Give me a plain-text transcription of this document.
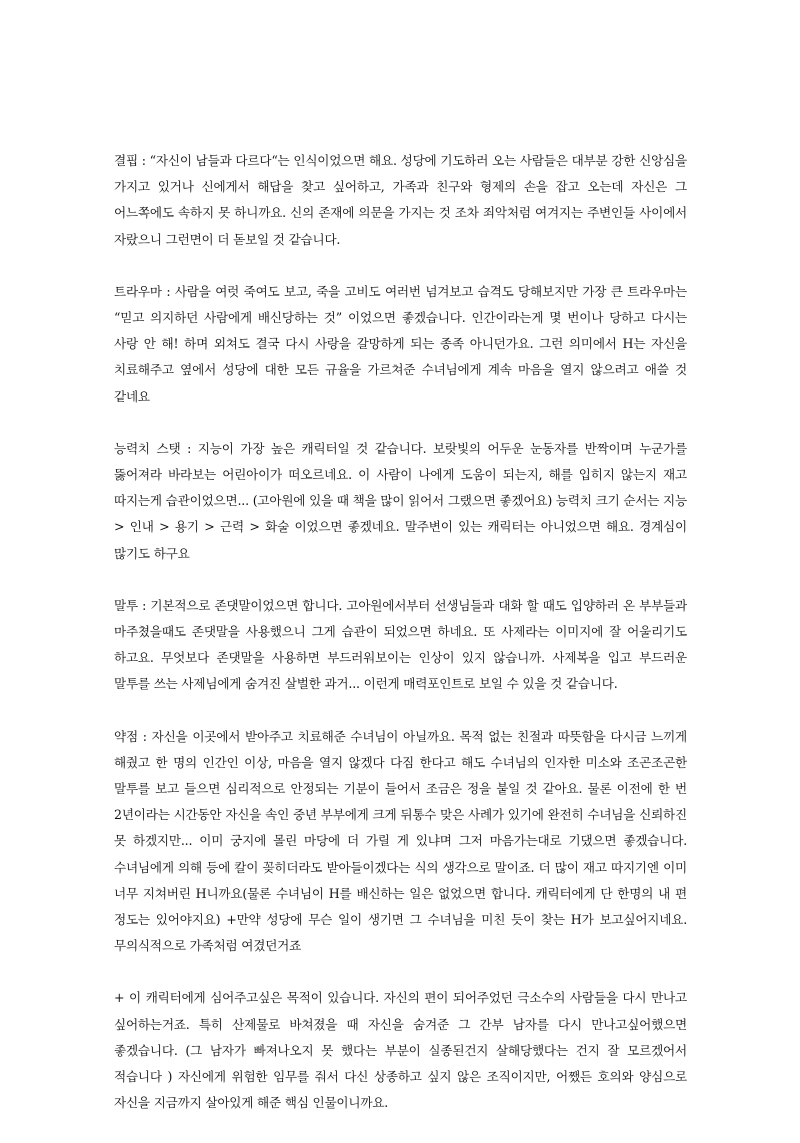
결핍 : “자신이 남들과 다르다“는 인식이었으면 해요. 성당에 기도하러 오는 사람들은 대부분 강한 신앙심을 가지고 있거나 신에게서 해답을 찾고 싶어하고, 가족과 친구와 형제의 손을 잡고 오는데 자신은 그 어느쪽에도 속하지 못 하니까요. 신의 존재에 의문을 가지는 것 조차 죄악처럼 여겨지는 주변인들 사이에서 자랐으니 그런면이 더 돋보일 것 같습니다.

트라우마 : 사람을 여럿 죽여도 보고, 죽을 고비도 여러번 넘겨보고 습격도 당해보지만 가장 큰 트라우마는 “믿고 의지하던 사람에게 배신당하는 것” 이었으면 좋겠습니다. 인간이라는게 몇 번이나 당하고 다시는 사랑 안 해! 하며 외쳐도 결국 다시 사랑을 갈망하게 되는 종족 아니던가요. 그런 의미에서 H는 자신을 치료해주고 옆에서 성당에 대한 모든 규율을 가르쳐준 수녀님에게 계속 마음을 열지 않으려고 애쓸 것 같네요

능력치 스탯 : 지능이 가장 높은 캐릭터일 것 같습니다. 보랏빛의 어두운 눈동자를 반짝이며 누군가를 뚫어져라 바라보는 어린아이가 떠오르네요. 이 사람이 나에게 도움이 되는지, 해를 입히지 않는지 재고 따지는게 습관이었으면... (고아원에 있을 때 책을 많이 읽어서 그랬으면 좋겠어요) 능력치 크기 순서는 지능 > 인내 > 용기 > 근력 > 화술 이었으면 좋겠네요. 말주변이 있는 캐릭터는 아니었으면 해요. 경계심이 많기도 하구요

말투 : 기본적으로 존댓말이었으면 합니다. 고아원에서부터 선생님들과 대화 할 때도 입양하러 온 부부들과 마주쳤을때도 존댓말을 사용했으니 그게 습관이 되었으면 하네요. 또 사제라는 이미지에 잘 어울리기도 하고요. 무엇보다 존댓말을 사용하면 부드러워보이는 인상이 있지 않습니까. 사제복을 입고 부드러운 말투를 쓰는 사제님에게 숨겨진 살벌한 과거... 이런게 매력포인트로 보일 수 있을 것 같습니다.

약점 : 자신을 이곳에서 받아주고 치료해준 수녀님이 아닐까요. 목적 없는 친절과 따뜻함을 다시금 느끼게 해줬고 한 명의 인간인 이상, 마음을 열지 않겠다 다짐 한다고 해도 수녀님의 인자한 미소와 조곤조곤한 말투를 보고 들으면 심리적으로 안정되는 기분이 들어서 조금은 정을 붙일 것 같아요. 물론 이전에 한 번 2년이라는 시간동안 자신을 속인 중년 부부에게 크게 뒤통수 맞은 사례가 있기에 완전히 수녀님을 신뢰하진 못 하겠지만... 이미 궁지에 몰린 마당에 더 가릴 게 있냐며 그저 마음가는대로 기댔으면 좋겠습니다. 수녀님에게 의해 등에 칼이 꽂히더라도 받아들이겠다는 식의 생각으로 말이죠. 더 많이 재고 따지기엔 이미 너무 지쳐버린 H니까요(물론 수녀님이 H를 배신하는 일은 없었으면 합니다. 캐릭터에게 단 한명의 내 편 정도는 있어야지요) +만약 성당에 무슨 일이 생기면 그 수녀님을 미친 듯이 찾는 H가 보고싶어지네요. 무의식적으로 가족처럼 여겼던거죠

+ 이 캐릭터에게 심어주고싶은 목적이 있습니다. 자신의 편이 되어주었던 극소수의 사람들을 다시 만나고 싶어하는거죠. 특히 산제물로 바쳐졌을 때 자신을 숨겨준 그 간부 남자를 다시 만나고싶어했으면 좋겠습니다. (그 남자가 빠져나오지 못 했다는 부분이 실종된건지 살해당했다는 건지 잘 모르겠어서 적습니다 ) 자신에게 위험한 임무를 줘서 다신 상종하고 싶지 않은 조직이지만, 어쨌든 호의와 양심으로 자신을 지금까지 살아있게 해준 핵심 인물이니까요.
